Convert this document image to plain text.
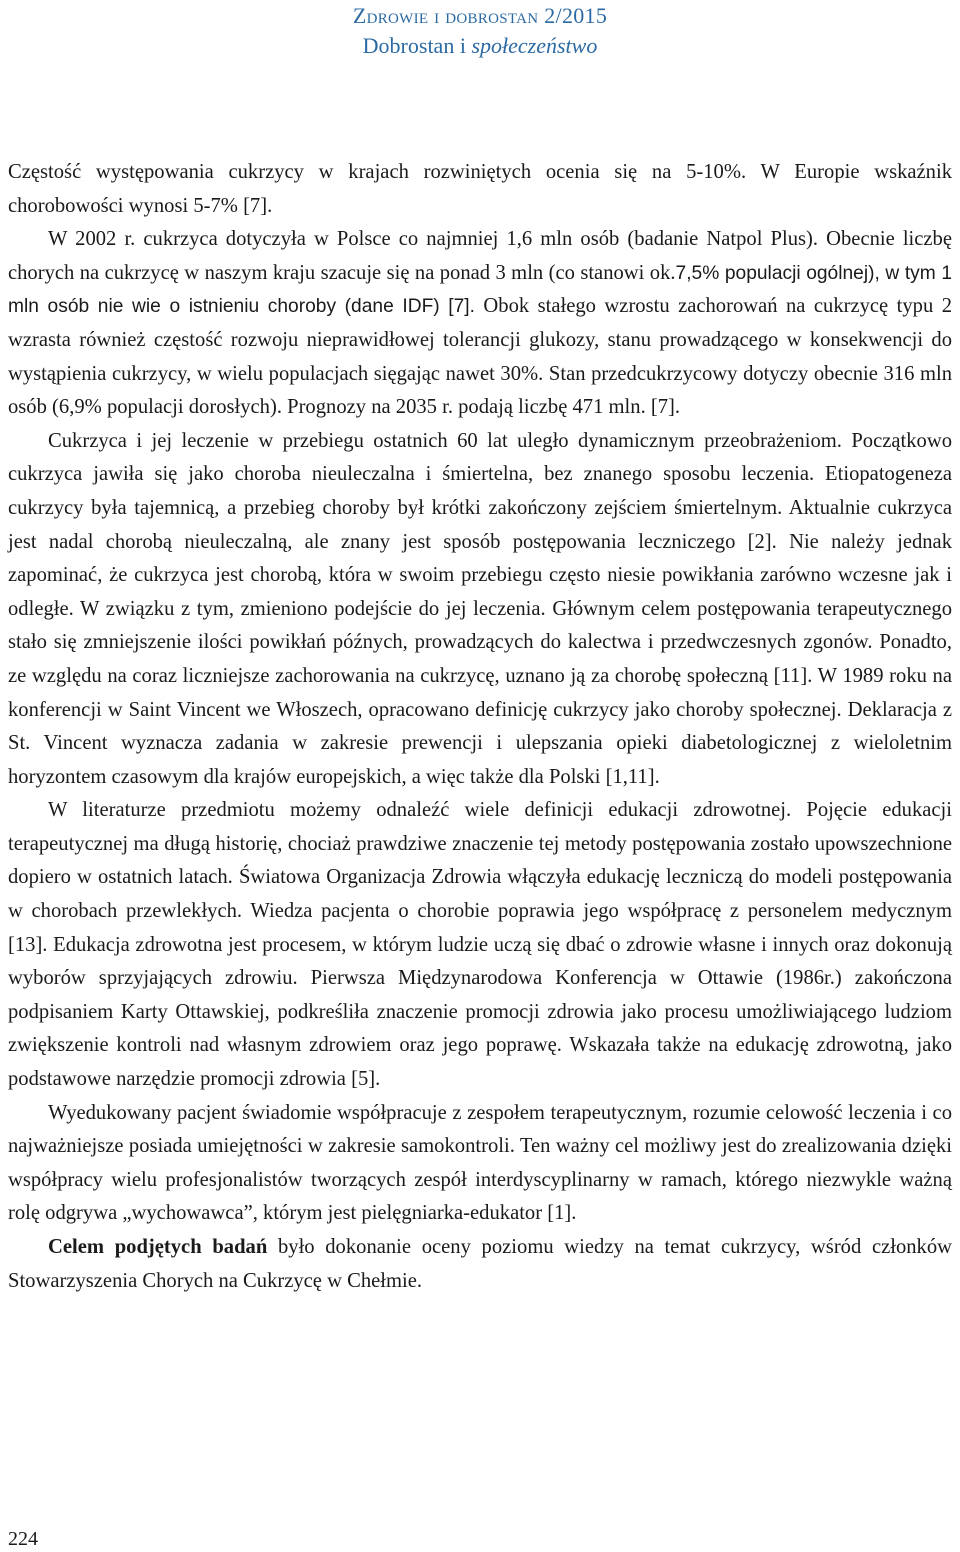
Zdrowie i dobrostan 2/2015
Dobrostan i społeczeństwo

Częstość występowania cukrzycy w krajach rozwiniętych ocenia się na 5-10%. W Europie wskaźnik chorobowości wynosi 5-7% [7].

W 2002 r. cukrzyca dotyczyła w Polsce co najmniej 1,6 mln osób (badanie Natpol Plus). Obecnie liczbę chorych na cukrzycę w naszym kraju szacuje się na ponad 3 mln (co stanowi ok.7,5% populacji ogólnej), w tym 1 mln osób nie wie o istnieniu choroby (dane IDF) [7]. Obok stałego wzrostu zachorowań na cukrzycę typu 2 wzrasta również częstość rozwoju nieprawidłowej tolerancji glukozy, stanu prowadzącego w konsekwencji do wystąpienia cukrzycy, w wielu populacjach sięgając nawet 30%. Stan przedcukrzycowy dotyczy obecnie 316 mln osób (6,9% populacji dorosłych). Prognozy na 2035 r. podają liczbę 471 mln. [7].

Cukrzyca i jej leczenie w przebiegu ostatnich 60 lat uległo dynamicznym przeobrażeniom. Początkowo cukrzyca jawiła się jako choroba nieuleczalna i śmiertelna, bez znanego sposobu leczenia. Etiopatogeneza cukrzycy była tajemnicą, a przebieg choroby był krótki zakończony zejściem śmiertelnym. Aktualnie cukrzyca jest nadal chorobą nieuleczalną, ale znany jest sposób postępowania leczniczego [2]. Nie należy jednak zapominać, że cukrzyca jest chorobą, która w swoim przebiegu często niesie powikłania zarówno wczesne jak i odległe. W związku z tym, zmieniono podejście do jej leczenia. Głównym celem postępowania terapeutycznego stało się zmniejszenie ilości powikłań późnych, prowadzących do kalectwa i przedwczesnych zgonów. Ponadto, ze względu na coraz liczniejsze zachorowania na cukrzycę, uznano ją za chorobę społeczną [11]. W 1989 roku na konferencji w Saint Vincent we Włoszech, opracowano definicję cukrzycy jako choroby społecznej. Deklaracja z St. Vincent wyznacza zadania w zakresie prewencji i ulepszania opieki diabetologicznej z wieloletnim horyzontem czasowym dla krajów europejskich, a więc także dla Polski [1,11].

W literaturze przedmiotu możemy odnaleźć wiele definicji edukacji zdrowotnej. Pojęcie edukacji terapeutycznej ma długą historię, chociaż prawdziwe znaczenie tej metody postępowania zostało upowszechnione dopiero w ostatnich latach. Światowa Organizacja Zdrowia włączyła edukację leczniczą do modeli postępowania w chorobach przewlekłych. Wiedza pacjenta o chorobie poprawia jego współpracę z personelem medycznym [13]. Edukacja zdrowotna jest procesem, w którym ludzie uczą się dbać o zdrowie własne i innych oraz dokonują wyborów sprzyjających zdrowiu. Pierwsza Międzynarodowa Konferencja w Ottawie (1986r.) zakończona podpisaniem Karty Ottawskiej, podkreśliła znaczenie promocji zdrowia jako procesu umożliwiającego ludziom zwiększenie kontroli nad własnym zdrowiem oraz jego poprawę. Wskazała także na edukację zdrowotną, jako podstawowe narzędzie promocji zdrowia [5].

Wyedukowany pacjent świadomie współpracuje z zespołem terapeutycznym, rozumie celowość leczenia i co najważniejsze posiada umiejętności w zakresie samokontroli. Ten ważny cel możliwy jest do zrealizowania dzięki współpracy wielu profesjonalistów tworzących zespół interdyscyplinarny w ramach, którego niezwykle ważną rolę odgrywa „wychowawca”, którym jest pielęgniarka-edukator [1].

Celem podjętych badań było dokonanie oceny poziomu wiedzy na temat cukrzycy, wśród członków Stowarzyszenia Chorych na Cukrzycę w Chełmie.

224
